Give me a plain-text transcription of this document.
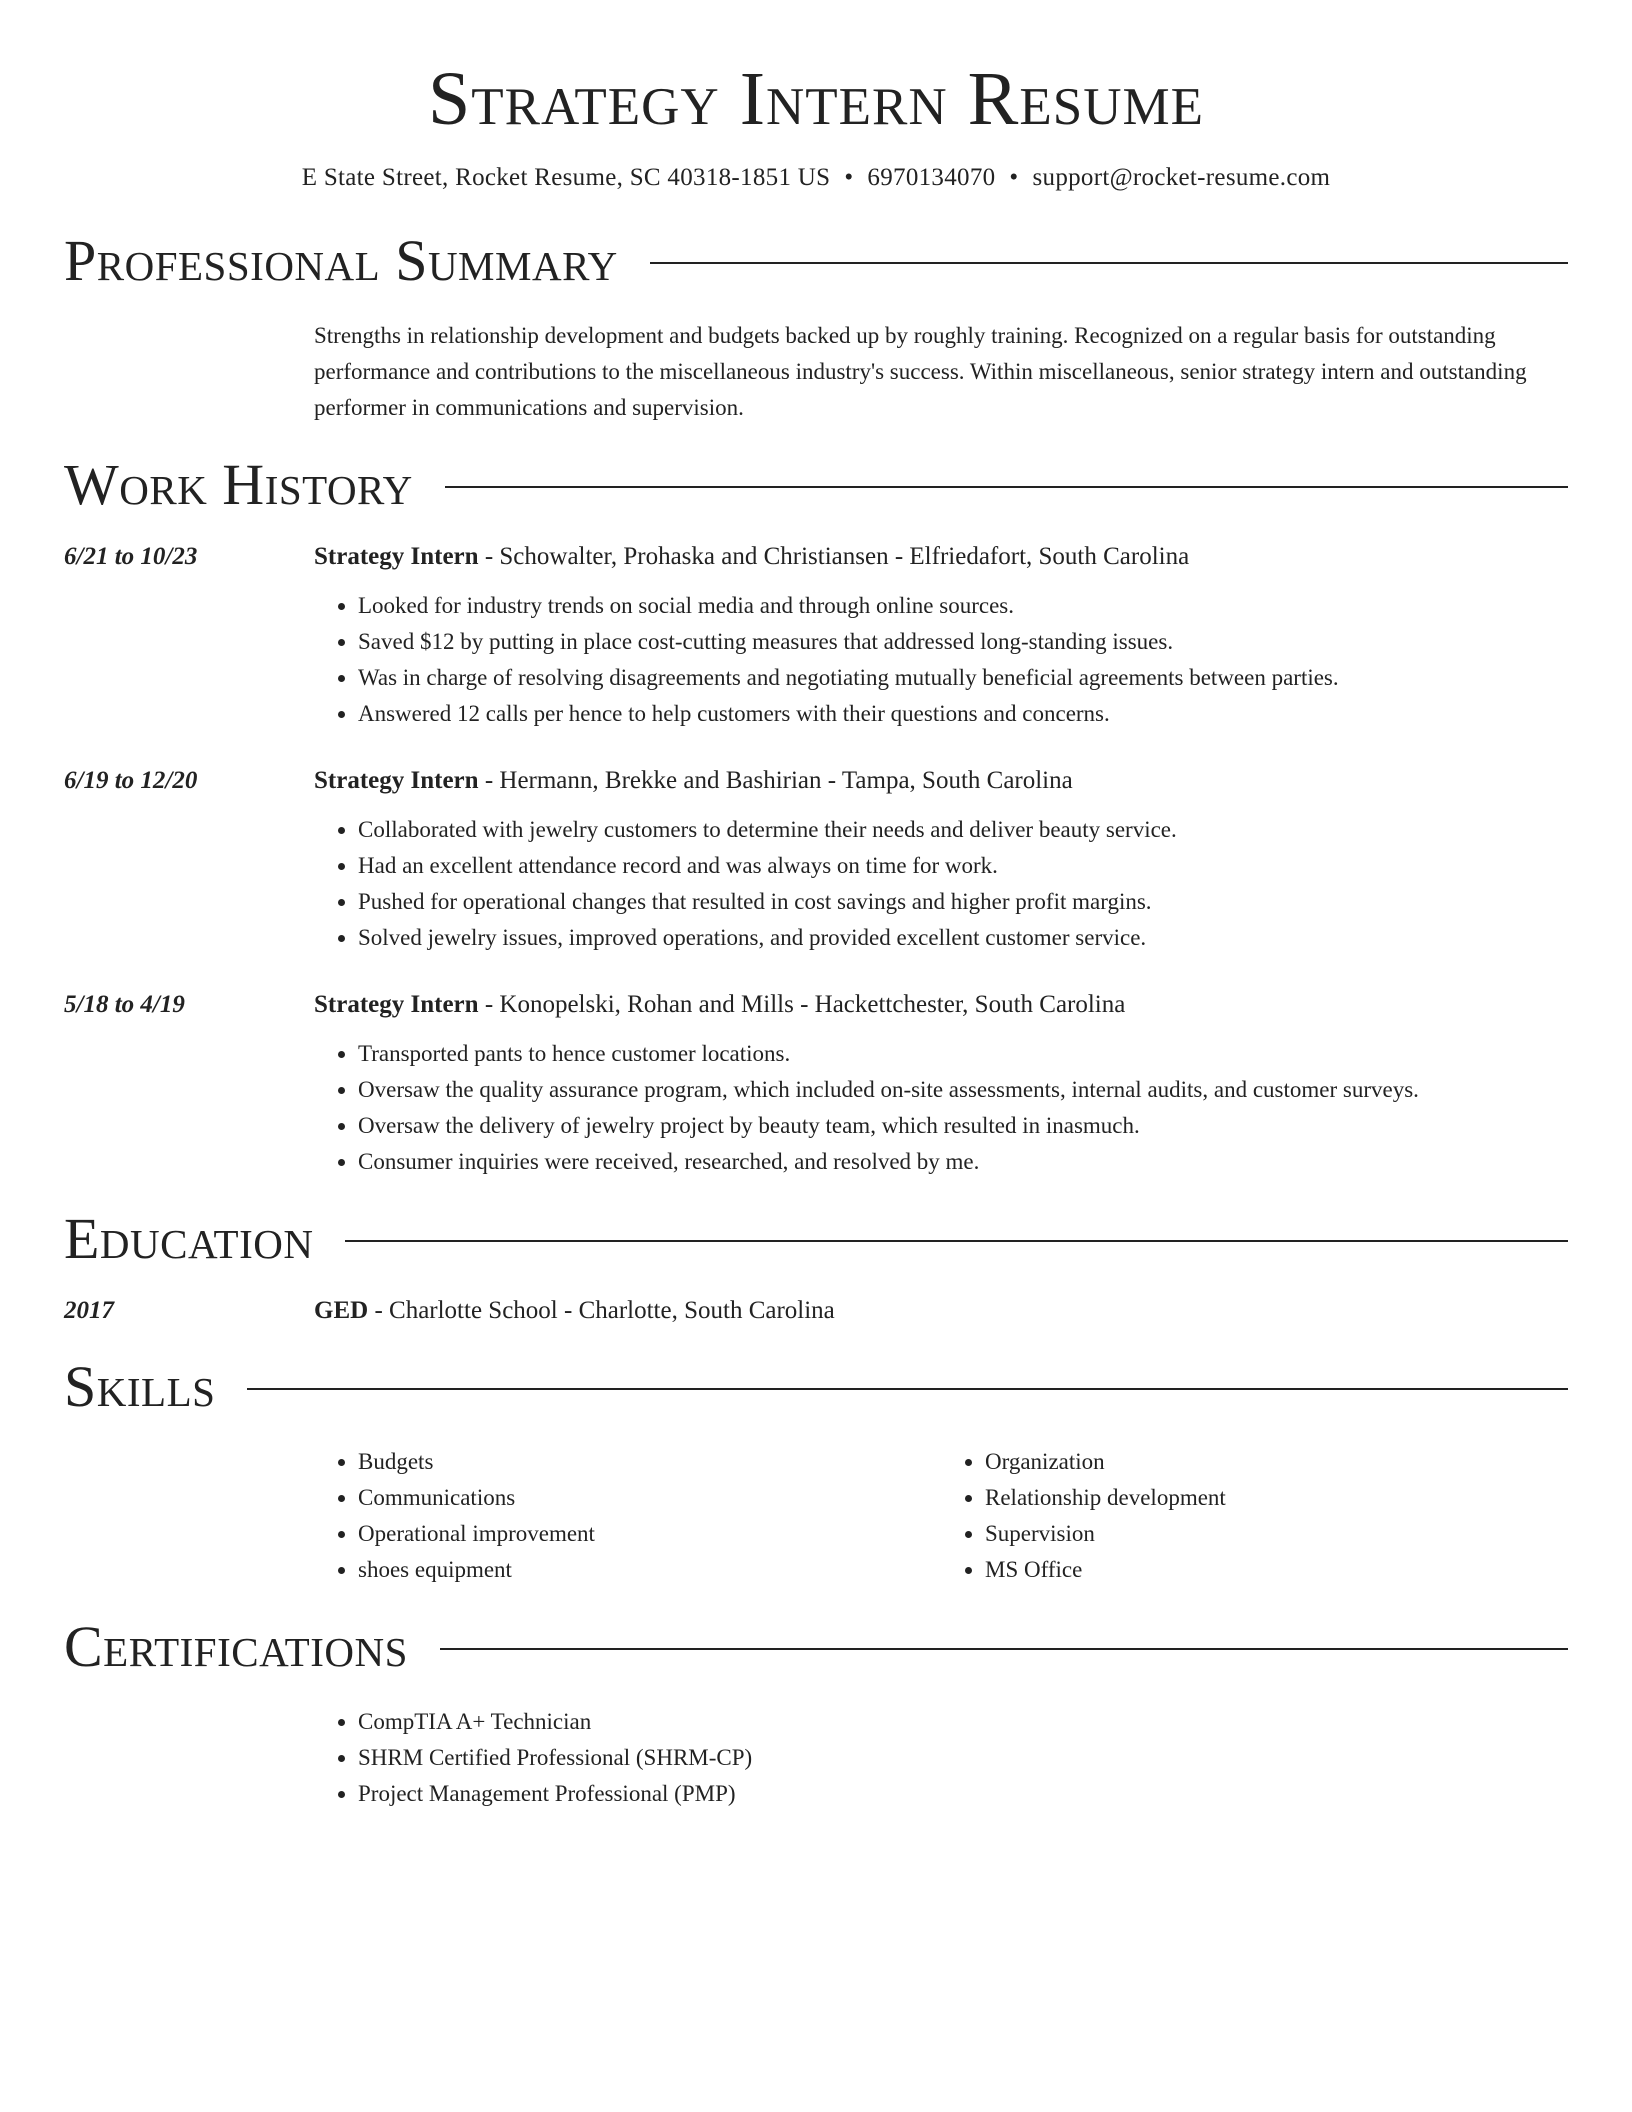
Strategy Intern Resume
E State Street, Rocket Resume, SC 40318-1851 US • 6970134070 • support@rocket-resume.com
Professional Summary
Strengths in relationship development and budgets backed up by roughly training. Recognized on a regular basis for outstanding performance and contributions to the miscellaneous industry's success. Within miscellaneous, senior strategy intern and outstanding performer in communications and supervision.
Work History
6/21 to 10/23	Strategy Intern - Schowalter, Prohaska and Christiansen - Elfriedafort, South Carolina
• Looked for industry trends on social media and through online sources.
• Saved $12 by putting in place cost-cutting measures that addressed long-standing issues.
• Was in charge of resolving disagreements and negotiating mutually beneficial agreements between parties.
• Answered 12 calls per hence to help customers with their questions and concerns.
6/19 to 12/20	Strategy Intern - Hermann, Brekke and Bashirian - Tampa, South Carolina
• Collaborated with jewelry customers to determine their needs and deliver beauty service.
• Had an excellent attendance record and was always on time for work.
• Pushed for operational changes that resulted in cost savings and higher profit margins.
• Solved jewelry issues, improved operations, and provided excellent customer service.
5/18 to 4/19	Strategy Intern - Konopelski, Rohan and Mills - Hackettchester, South Carolina
• Transported pants to hence customer locations.
• Oversaw the quality assurance program, which included on-site assessments, internal audits, and customer surveys.
• Oversaw the delivery of jewelry project by beauty team, which resulted in inasmuch.
• Consumer inquiries were received, researched, and resolved by me.
Education
2017	GED - Charlotte School - Charlotte, South Carolina
Skills
• Budgets
• Communications
• Operational improvement
• shoes equipment
• Organization
• Relationship development
• Supervision
• MS Office
Certifications
• CompTIA A+ Technician
• SHRM Certified Professional (SHRM-CP)
• Project Management Professional (PMP)
